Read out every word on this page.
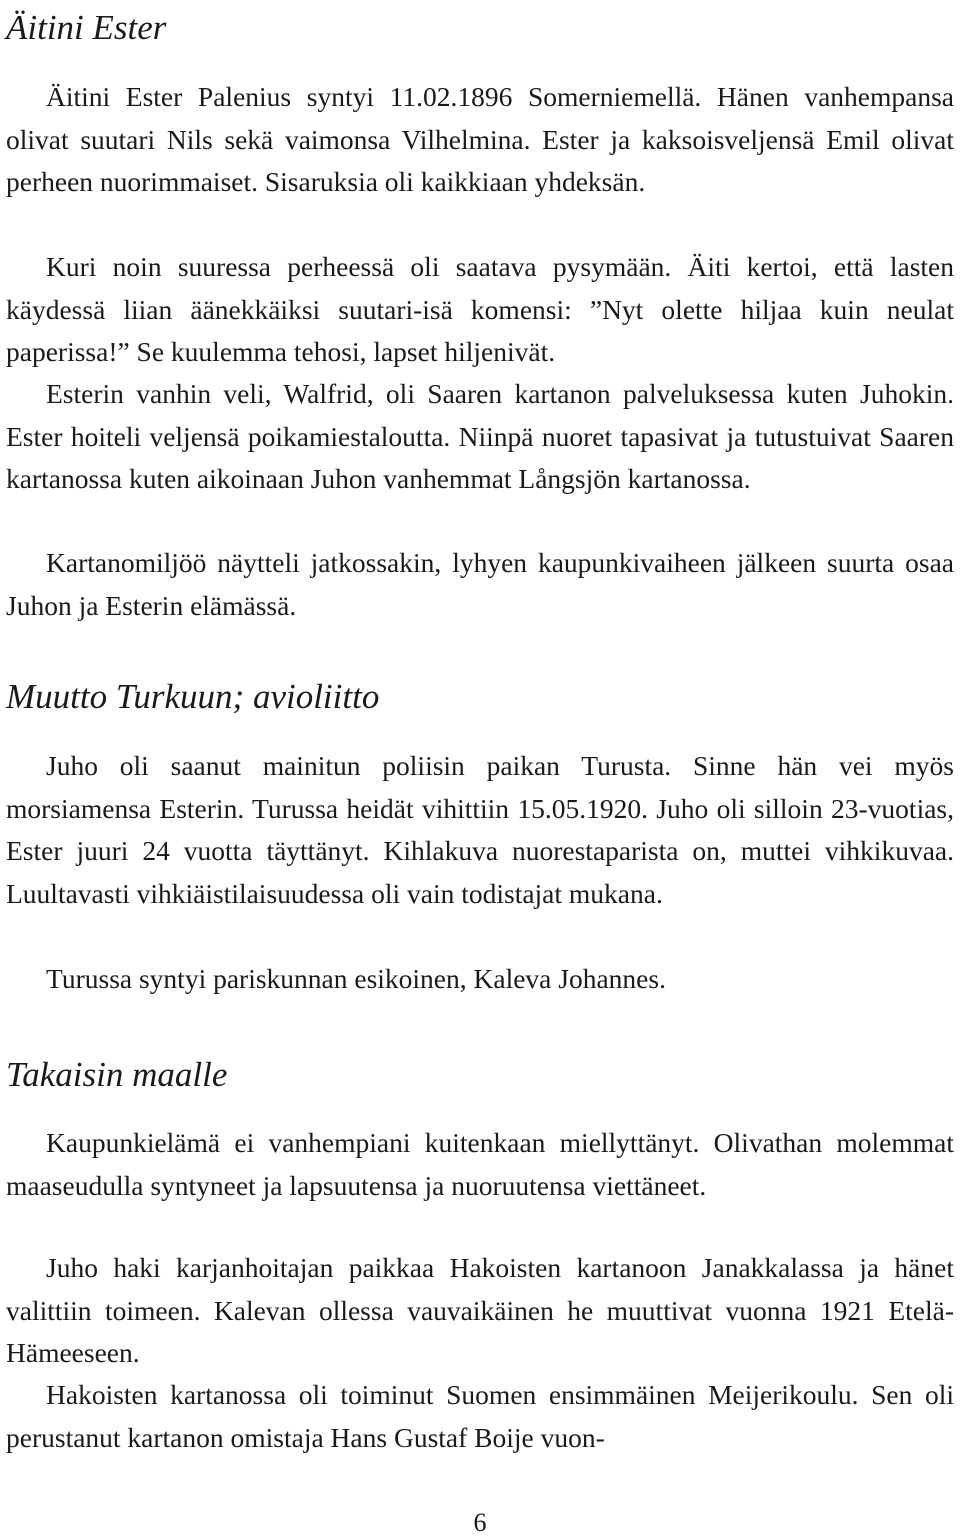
Äitini Ester

Äitini Ester Palenius syntyi 11.02.1896 Somerniemellä. Hänen vanhempansa olivat suutari Nils sekä vaimonsa Vilhelmina. Ester ja kaksoisveljensä Emil olivat perheen nuorimmaiset. Sisaruksia oli kaikkiaan yhdeksän.

Kuri noin suuressa perheessä oli saatava pysymään. Äiti kertoi, että lasten käydessä liian äänekkäiksi suutari-isä komensi: ”Nyt olette hiljaa kuin neulat paperissa!” Se kuulemma tehosi, lapset hiljenivät.

Esterin vanhin veli, Walfrid, oli Saaren kartanon palveluksessa kuten Juhokin. Ester hoiteli veljensä poikamiestaloutta. Niinpä nuoret tapasivat ja tutustuivat Saaren kartanossa kuten aikoinaan Juhon vanhemmat Långsjön kartanossa.

Kartanomiljöö näytteli jatkossakin, lyhyen kaupunkivaiheen jälkeen suurta osaa Juhon ja Esterin elämässä.

Muutto Turkuun; avioliitto

Juho oli saanut mainitun poliisin paikan Turusta. Sinne hän vei myös morsiamensa Esterin. Turussa heidät vihittiin 15.05.1920. Juho oli silloin 23-vuotias, Ester juuri 24 vuotta täyttänyt. Kihlakuva nuorestaparista on, muttei vihkikuvaa. Luultavasti vihkiäistilaisuudessa oli vain todistajat mukana.

Turussa syntyi pariskunnan esikoinen, Kaleva Johannes.

Takaisin maalle

Kaupunkielämä ei vanhempiani kuitenkaan miellyttänyt. Olivathan molemmat maaseudulla syntyneet ja lapsuutensa ja nuoruutensa viettäneet.

Juho haki karjanhoitajan paikkaa Hakoisten kartanoon Janakkalassa ja hänet valittiin toimeen. Kalevan ollessa vauvaikäinen he muuttivat vuonna 1921 Etelä-Hämeeseen.

Hakoisten kartanossa oli toiminut Suomen ensimmäinen Meijerikoulu. Sen oli perustanut kartanon omistaja Hans Gustaf Boije vuon-

6
